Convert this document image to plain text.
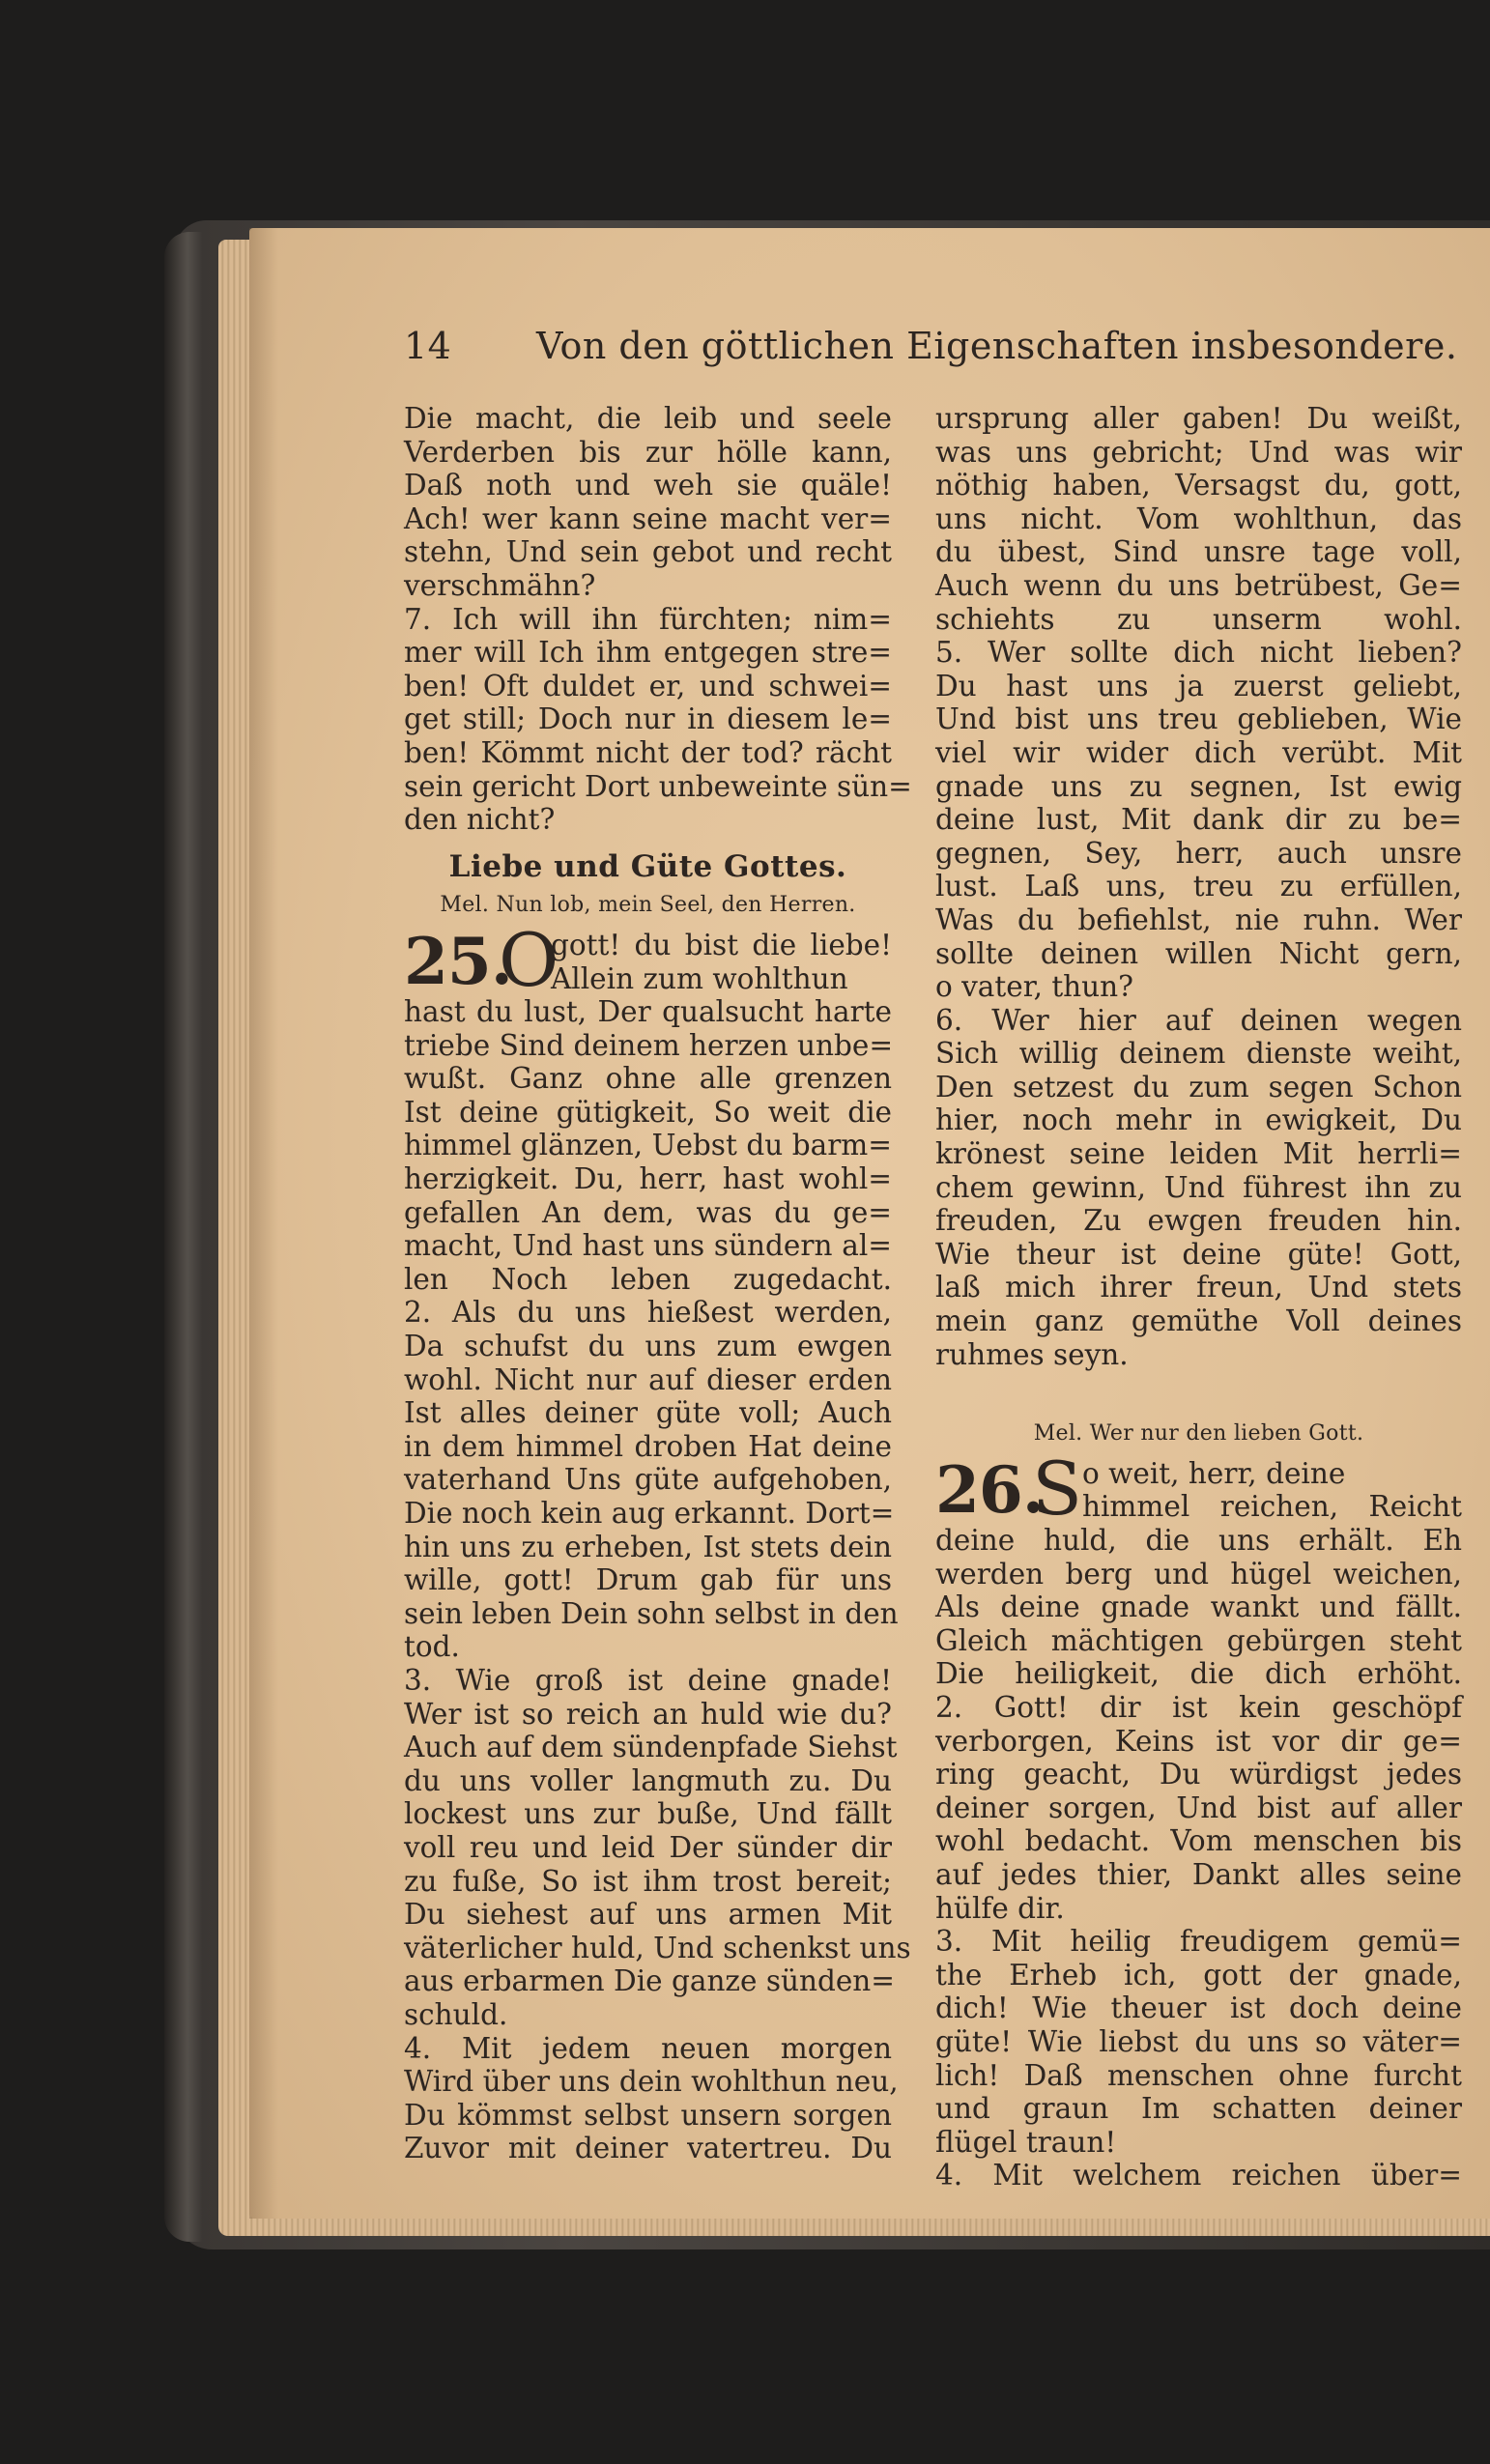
14 Von den göttlichen Eigenschaften insbesondere.
Die macht, die leib und seele
Verderben bis zur hölle kann,
Daß noth und weh sie quäle!
Ach! wer kann seine macht ver=
stehn, Und sein gebot und recht
verschmähn?
7. Ich will ihn fürchten; nim=
mer will Ich ihm entgegen stre=
ben! Oft duldet er, und schwei=
get still; Doch nur in diesem le=
ben! Kömmt nicht der tod? rächt
sein gericht Dort unbeweinte sün=
den nicht?
Liebe und Güte Gottes.
Mel. Nun lob, mein Seel, den Herren.
25.
O
gott! du bist die liebe!
Allein zum wohlthun
hast du lust, Der qualsucht harte
triebe Sind deinem herzen unbe=
wußt. Ganz ohne alle grenzen
Ist deine gütigkeit, So weit die
himmel glänzen, Uebst du barm=
herzigkeit. Du, herr, hast wohl=
gefallen An dem, was du ge=
macht, Und hast uns sündern al=
len Noch leben zugedacht.
2. Als du uns hießest werden,
Da schufst du uns zum ewgen
wohl. Nicht nur auf dieser erden
Ist alles deiner güte voll; Auch
in dem himmel droben Hat deine
vaterhand Uns güte aufgehoben,
Die noch kein aug erkannt. Dort=
hin uns zu erheben, Ist stets dein
wille, gott! Drum gab für uns
sein leben Dein sohn selbst in den
tod.
3. Wie groß ist deine gnade!
Wer ist so reich an huld wie du?
Auch auf dem sündenpfade Siehst
du uns voller langmuth zu. Du
lockest uns zur buße, Und fällt
voll reu und leid Der sünder dir
zu fuße, So ist ihm trost bereit;
Du siehest auf uns armen Mit
väterlicher huld, Und schenkst uns
aus erbarmen Die ganze sünden=
schuld.
4. Mit jedem neuen morgen
Wird über uns dein wohlthun neu,
Du kömmst selbst unsern sorgen
Zuvor mit deiner vatertreu. Du
ursprung aller gaben! Du weißt,
was uns gebricht; Und was wir
nöthig haben, Versagst du, gott,
uns nicht. Vom wohlthun, das
du übest, Sind unsre tage voll,
Auch wenn du uns betrübest, Ge=
schiehts zu unserm wohl.
5. Wer sollte dich nicht lieben?
Du hast uns ja zuerst geliebt,
Und bist uns treu geblieben, Wie
viel wir wider dich verübt. Mit
gnade uns zu segnen, Ist ewig
deine lust, Mit dank dir zu be=
gegnen, Sey, herr, auch unsre
lust. Laß uns, treu zu erfüllen,
Was du befiehlst, nie ruhn. Wer
sollte deinen willen Nicht gern,
o vater, thun?
6. Wer hier auf deinen wegen
Sich willig deinem dienste weiht,
Den setzest du zum segen Schon
hier, noch mehr in ewigkeit, Du
krönest seine leiden Mit herrli=
chem gewinn, Und führest ihn zu
freuden, Zu ewgen freuden hin.
Wie theur ist deine güte! Gott,
laß mich ihrer freun, Und stets
mein ganz gemüthe Voll deines
ruhmes seyn.
Mel. Wer nur den lieben Gott.
26.
S o weit, herr, deine
himmel reichen, Reicht
deine huld, die uns erhält. Eh
werden berg und hügel weichen,
Als deine gnade wankt und fällt.
Gleich mächtigen gebürgen steht
Die heiligkeit, die dich erhöht.
2. Gott! dir ist kein geschöpf
verborgen, Keins ist vor dir ge=
ring geacht, Du würdigst jedes
deiner sorgen, Und bist auf aller
wohl bedacht. Vom menschen bis
auf jedes thier, Dankt alles seine
hülfe dir.
3. Mit heilig freudigem gemü=
the Erheb ich, gott der gnade,
dich! Wie theuer ist doch deine
güte! Wie liebst du uns so väter=
lich! Daß menschen ohne furcht
und graun Im schatten deiner
flügel traun!
4. Mit welchem reichen über=
